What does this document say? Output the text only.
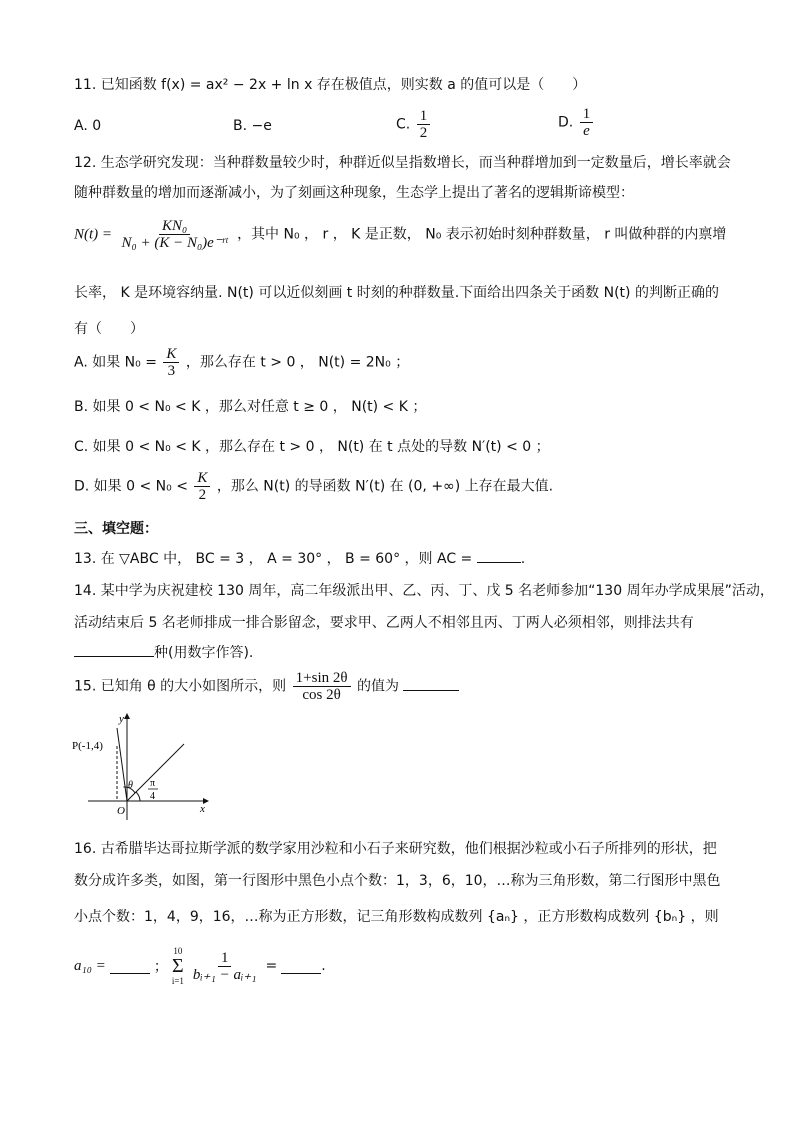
11. 已知函数 f(x) = ax² − 2x + ln x 存在极值点，则实数 a 的值可以是（　　）
A. 0	B. −e	C. $\frac{1}{2}$	D. $\frac{1}{e}$
12. 生态学研究发现：当种群数量较少时，种群近似呈指数增长，而当种群增加到一定数量后，增长率就会
随种群数量的增加而逐渐减小，为了刻画这种现象，生态学上提出了著名的逻辑斯谛模型：
$N(t) = \frac{\text{KN₀}}{\text{N₀ + (K − N₀)e⁻ʳᵗ}}$ ，其中 N₀ ， r ， K 是正数， N₀ 表示初始时刻种群数量， r 叫做种群的内禀增
长率， K 是环境容纳量. N(t) 可以近似刻画 t 时刻的种群数量.下面给出四条关于函数 N(t) 的判断正确的
有（　　）
A. 如果 $N_0 = \frac{K}{3}$ ，那么存在 t > 0 ， N(t) = 2N₀ ；
B. 如果 0 < N₀ < K ，那么对任意 t ≥ 0 ， N(t) < K ；
C. 如果 0 < N₀ < K ，那么存在 t > 0 ， N(t) 在 t 点处的导数 N′(t) < 0 ；
D. 如果 $0 < N_0 < \frac{K}{2}$ ，那么 N(t) 的导函数 N′(t) 在 (0, +∞) 上存在最大值.
三、填空题：
13. 在 ▽ABC 中， BC = 3 ， A = 30° ， B = 60° ，则 AC =	.
14. 某中学为庆祝建校 130 周年，高二年级派出甲、乙、丙、丁、戊 5 名老师参加“130 周年办学成果展”活动，
活动结束后 5 名老师排成一排合影留念，要求甲、乙两人不相邻且丙、丁两人必须相邻，则排法共有
种(用数字作答).
15. 已知角 θ 的大小如图所示，则 $\frac{1+\sin 2\theta}{\cos 2\theta}$ 的值为
y
x
O
P(-1,4)
θ π
4
16. 古希腊毕达哥拉斯学派的数学家用沙粒和小石子来研究数，他们根据沙粒或小石子所排列的形状，把
数分成许多类，如图，第一行图形中黑色小点个数：1，3，6，10，…称为三角形数，第二行图形中黑色
小点个数：1，4，9，16，…称为正方形数，记三角形数构成数列 {aₙ} ，正方形数构成数列 {bₙ} ，则
a₁₀ =	；
10
Σ
$i=1 \frac{1}{\text{bᵢ₊₁ − aᵢ₊₁}}$ =	.
